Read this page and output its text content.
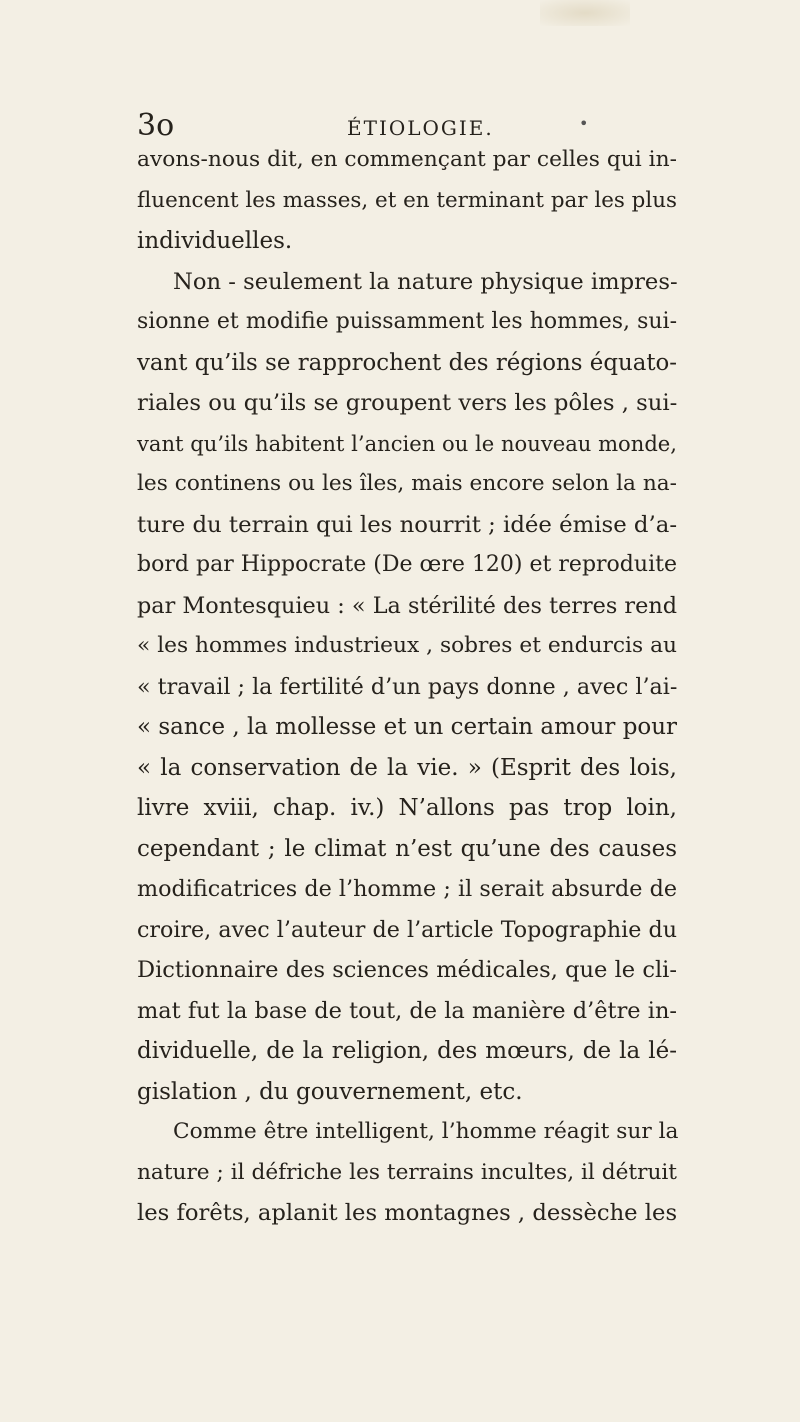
3o	ÉTIOLOGIE.	•

avons-nous dit, en commençant par celles qui in-
fluencent les masses, et en terminant par les plus
individuelles.

Non - seulement la nature physique impres-
sionne et modifie puissamment les hommes, sui-
vant qu’ils se rapprochent des régions équato-
riales ou qu’ils se groupent vers les pôles , sui-
vant qu’ils habitent l’ancien ou le nouveau monde,
les continens ou les îles, mais encore selon la na-
ture du terrain qui les nourrit ; idée émise d’a-
bord par Hippocrate (De œre 120) et reproduite
par Montesquieu : « La stérilité des terres rend
« les hommes industrieux , sobres et endurcis au
« travail ; la fertilité d’un pays donne , avec l’ai-
« sance , la mollesse et un certain amour pour
« la conservation de la vie. » (Esprit des lois,
livre xviii, chap. iv.) N’allons pas trop loin,
cependant ; le climat n’est qu’une des causes
modificatrices de l’homme ; il serait absurde de
croire, avec l’auteur de l’article Topographie du
Dictionnaire des sciences médicales, que le cli-
mat fut la base de tout, de la manière d’être in-
dividuelle, de la religion, des mœurs, de la lé-
gislation , du gouvernement, etc.

Comme être intelligent, l’homme réagit sur la
nature ; il défriche les terrains incultes, il détruit
les forêts, aplanit les montagnes , dessèche les
